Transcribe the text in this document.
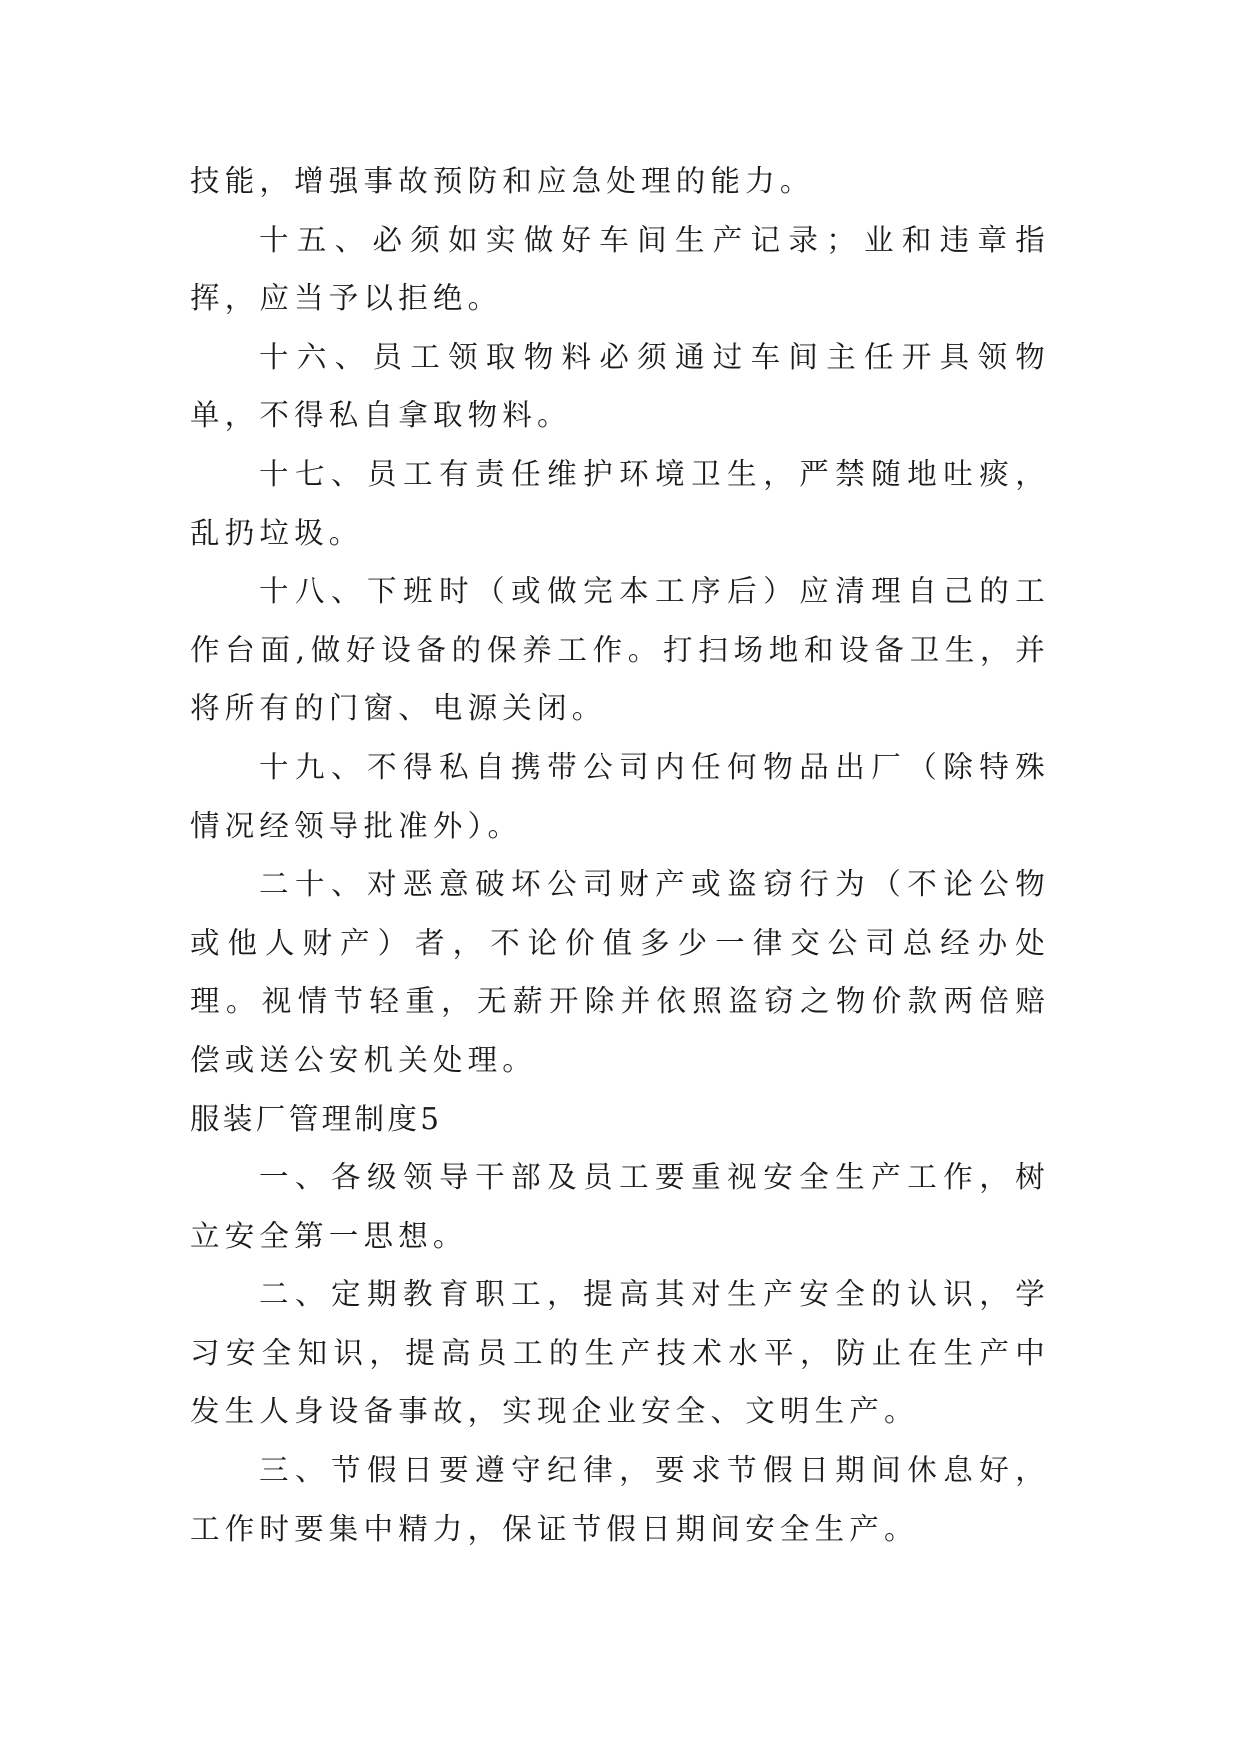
技能，增强事故预防和应急处理的能力。

十五、必须如实做好车间生产记录；业和违章指挥，应当予以拒绝。

十六、员工领取物料必须通过车间主任开具领物单，不得私自拿取物料。

十七、员工有责任维护环境卫生，严禁随地吐痰，乱扔垃圾。

十八、下班时（或做完本工序后）应清理自己的工作台面,做好设备的保养工作。打扫场地和设备卫生，并将所有的门窗、电源关闭。

十九、不得私自携带公司内任何物品出厂（除特殊情况经领导批准外）。

二十、对恶意破坏公司财产或盗窃行为（不论公物或他人财产）者，不论价值多少一律交公司总经办处理。视情节轻重，无薪开除并依照盗窃之物价款两倍赔偿或送公安机关处理。

服装厂管理制度5

一、各级领导干部及员工要重视安全生产工作，树立安全第一思想。

二、定期教育职工，提高其对生产安全的认识，学习安全知识，提高员工的生产技术水平，防止在生产中发生人身设备事故，实现企业安全、文明生产。

三、节假日要遵守纪律，要求节假日期间休息好，工作时要集中精力，保证节假日期间安全生产。
